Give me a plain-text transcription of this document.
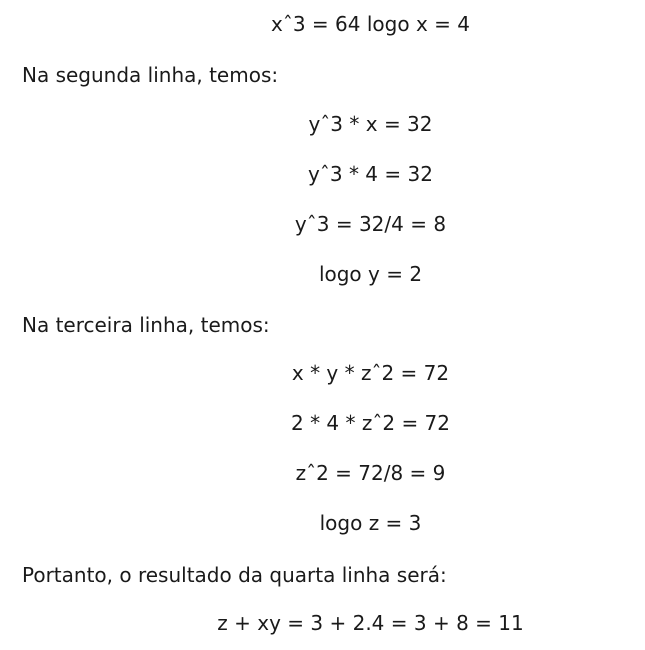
xˆ3 = 64 logo x = 4
Na segunda linha, temos:
yˆ3 * x = 32
yˆ3 * 4 = 32
yˆ3 = 32/4 = 8
logo y = 2
Na terceira linha, temos:
x * y * zˆ2 = 72
2 * 4 * zˆ2 = 72
zˆ2 = 72/8 = 9
logo z = 3
Portanto, o resultado da quarta linha será:
z + xy = 3 + 2.4 = 3 + 8 = 11
